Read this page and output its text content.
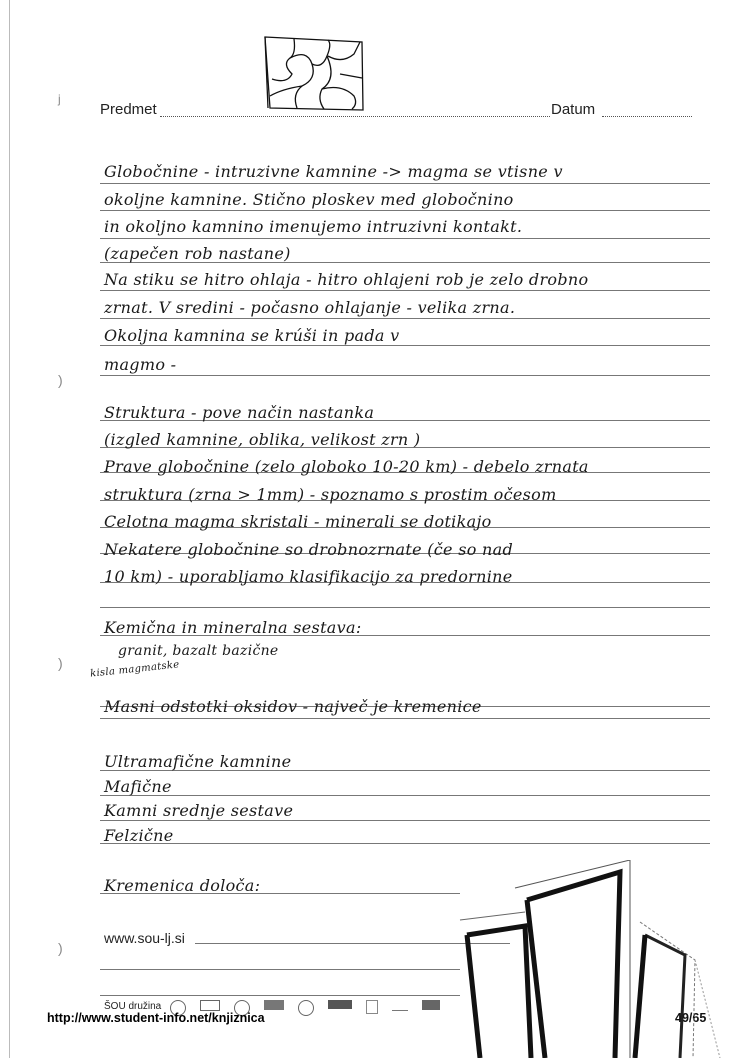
Predmet	Datum
j
)
)
)
Globočnine - intruzivne kamnine -> magma se vtisne v
okoljne kamnine. Stično ploskev med globočnino
in okoljno kamnino imenujemo intruzivni kontakt.
(zapečen rob nastane)
Na stiku se hitro ohlaja - hitro ohlajeni rob je zelo drobno
zrnat. V sredini - počasno ohlajanje - velika zrna.
Okoljna kamnina se krúši in pada v
magmo -
Struktura - pove način nastanka
(izgled kamnine, oblika, velikost zrn )
Prave globočnine (zelo globoko 10-20 km) - debelo zrnata
struktura (zrna > 1mm) - spoznamo s prostim očesom
Celotna magma skristali - minerali se dotikajo
Nekatere globočnine so drobnozrnate (če so nad
10 km) - uporabljamo klasifikacijo za predornine
Kemična in mineralna sestava:
granit, bazalt bazične
kisla magmatske
Masni odstotki oksidov - največ je kremenice
Ultramafične kamnine
Mafične
Kamni srednje sestave
Felzične
Kremenica določa:
www.sou-lj.si
ŠOU družina
http://www.student-info.net/knjiznica	49/65
